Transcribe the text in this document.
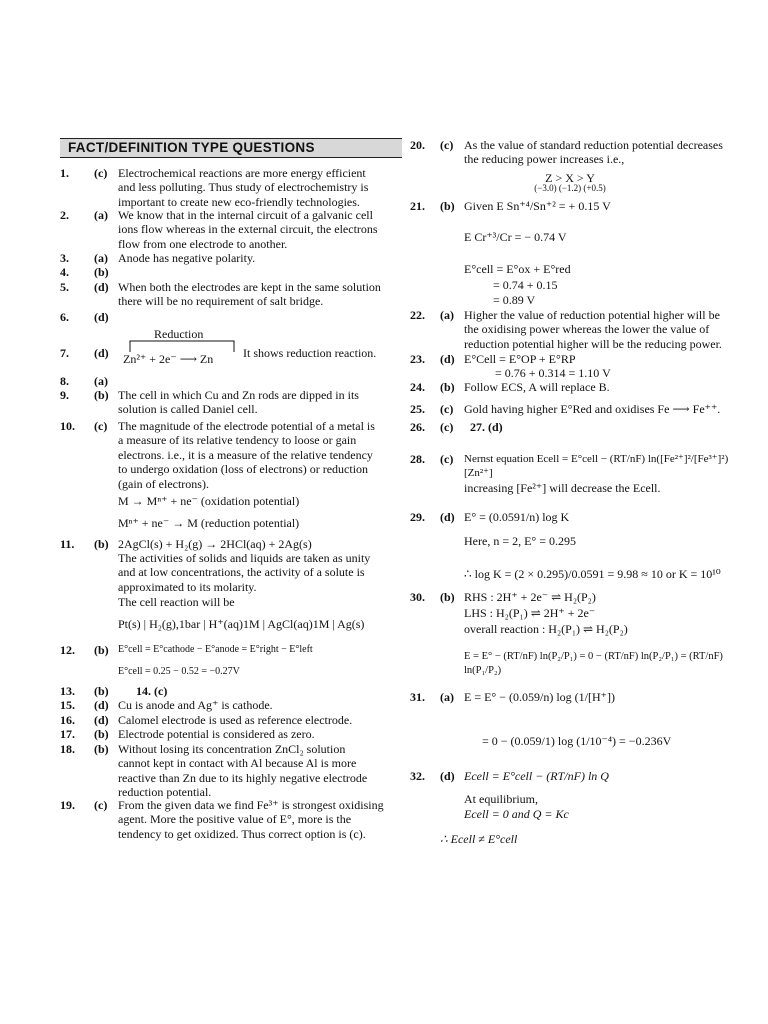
FACT/DEFINITION TYPE QUESTIONS
1. (c) Electrochemical reactions are more energy efficient
and less polluting. Thus study of electrochemistry is
important to create new eco-friendly technologies.
2. (a) We know that in the internal circuit of a galvanic cell
ions flow whereas in the external circuit, the electrons
flow from one electrode to another.
3. (a) Anode has negative polarity.
4. (b)
5. (d) When both the electrodes are kept in the same solution
there will be no requirement of salt bridge.
6. (d)
Reduction
7. (d) Zn²⁺ + 2e⁻ ⟶ Zn It shows reduction reaction.
8. (a)
9. (b) The cell in which Cu and Zn rods are dipped in its
solution is called Daniel cell.
10. (c) The magnitude of the electrode potential of a metal is
a measure of its relative tendency to loose or gain
electrons. i.e., it is a measure of the relative tendency
to undergo oxidation (loss of electrons) or reduction
(gain of electrons).
M → Mⁿ⁺ + ne⁻ (oxidation potential)
Mⁿ⁺ + ne⁻ → M (reduction potential)
11. (b) 2AgCl(s) + H₂(g) → 2HCl(aq) + 2Ag(s)
The activities of solids and liquids are taken as unity
and at low concentrations, the activity of a solute is
approximated to its molarity.
The cell reaction will be
Pt(s) | H₂(g),1bar | H⁺(aq)1M | AgCl(aq)1M | Ag(s)
12. (b) E°cell = E°cathode − E°anode = E°right − E°left
E°cell = 0.25 − 0.52 = −0.27V
13. (b) 14. (c)
15. (d) Cu is anode and Ag⁺ is cathode.
16. (d) Calomel electrode is used as reference electrode.
17. (b) Electrode potential is considered as zero.
18. (b) Without losing its concentration ZnCl₂ solution
cannot kept in contact with Al because Al is more
reactive than Zn due to its highly negative electrode
reduction potential.
19. (c) From the given data we find Fe³⁺ is strongest oxidising
agent. More the positive value of E°, more is the
tendency to get oxidized. Thus correct option is (c).
20. (c) As the value of standard reduction potential decreases
the reducing power increases i.e.,
Z > X > Y
(−3.0) (−1.2) (+0.5)
21. (b) Given E Sn⁺⁴/Sn⁺² = + 0.15 V
E Cr⁺³/Cr = − 0.74 V
E°cell = E°ox + E°red
= 0.74 + 0.15
= 0.89 V
22. (a) Higher the value of reduction potential higher will be
the oxidising power whereas the lower the value of
reduction potential higher will be the reducing power.
23. (d) E°Cell = E°OP + E°RP
= 0.76 + 0.314 = 1.10 V
24. (b) Follow ECS, A will replace B.
25. (c) Gold having higher E°Red and oxidises Fe ⟶ Fe⁺⁺.
26. (c) 27. (d)
28. (c) Nernst equation Ecell = E°cell − (RT/nF) ln([Fe²⁺]²/[Fe³⁺]²) [Zn²⁺]
increasing [Fe²⁺] will decrease the Ecell.
29. (d) E° = (0.0591/n) log K
Here, n = 2, E° = 0.295
∴ log K = (2 × 0.295)/0.0591 = 9.98 ≈ 10 or K = 10¹⁰
30. (b) RHS : 2H⁺ + 2e⁻ ⇌ H₂(P₂)
LHS : H₂(P₁) ⇌ 2H⁺ + 2e⁻
overall reaction : H₂(P₁) ⇌ H₂(P₂)
E = E° − (RT/nF) ln(P₂/P₁) = 0 − (RT/nF) ln(P₂/P₁) = (RT/nF) ln(P₁/P₂)
31. (a) E = E° − (0.059/n) log (1/[H⁺])
= 0 − (0.059/1) log (1/10⁻⁴) = −0.236V
32. (d) Ecell = E°cell − (RT/nF) ln Q
At equilibrium,
Ecell = 0 and Q = Kc
∴ Ecell ≠ E°cell
